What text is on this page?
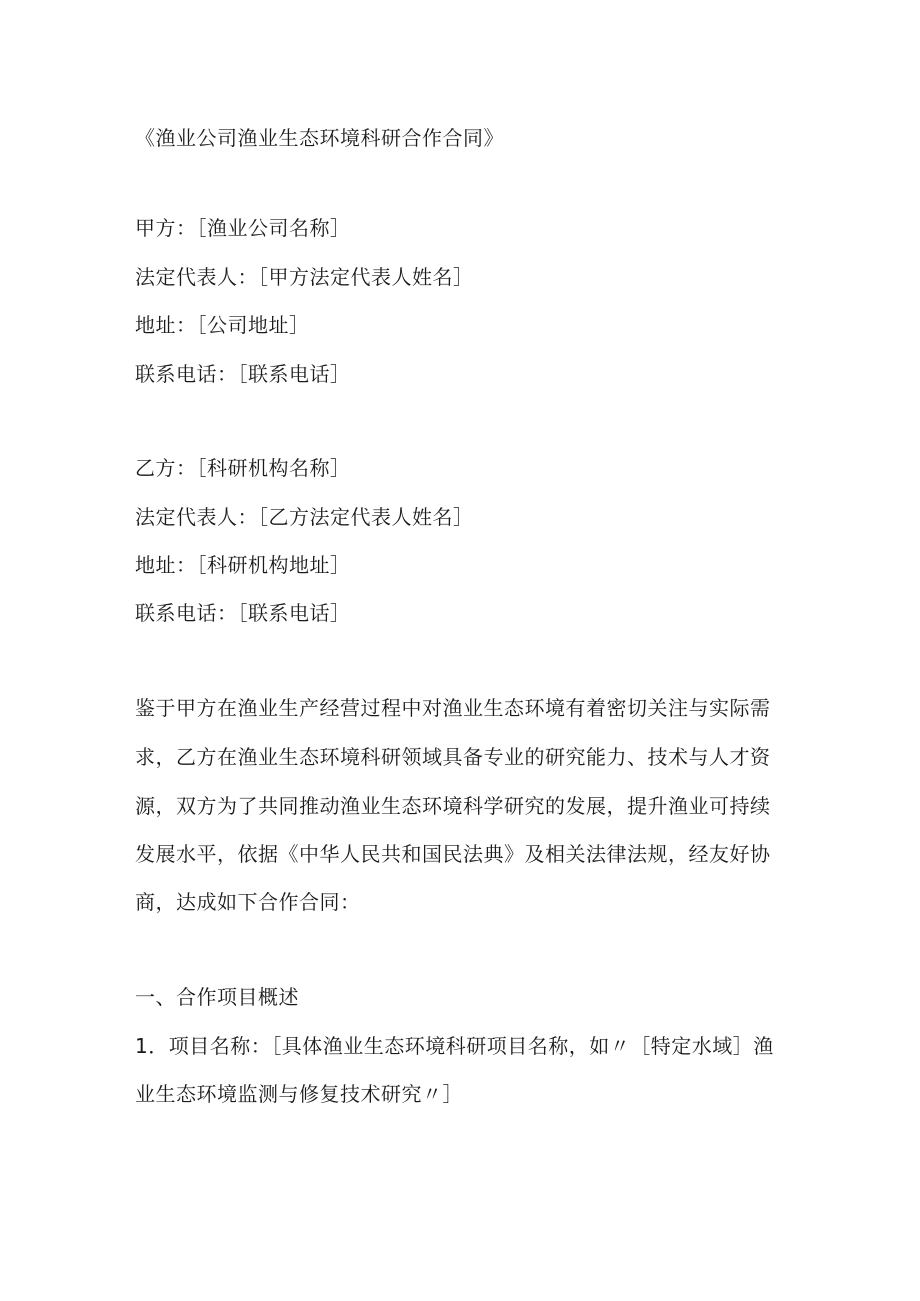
《渔业公司渔业生态环境科研合作合同》
甲方：［渔业公司名称］
法定代表人：［甲方法定代表人姓名］
地址：［公司地址］
联系电话：［联系电话］
乙方：［科研机构名称］
法定代表人：［乙方法定代表人姓名］
地址：［科研机构地址］
联系电话：［联系电话］
鉴于甲方在渔业生产经营过程中对渔业生态环境有着密切关注与实际需
求，乙方在渔业生态环境科研领域具备专业的研究能力、技术与人才资
源，双方为了共同推动渔业生态环境科学研究的发展，提升渔业可持续
发展水平，依据《中华人民共和国民法典》及相关法律法规，经友好协
商，达成如下合作合同：
一、合作项目概述
1．项目名称：［具体渔业生态环境科研项目名称，如〃［特定水域］渔
业生态环境监测与修复技术研究〃］
